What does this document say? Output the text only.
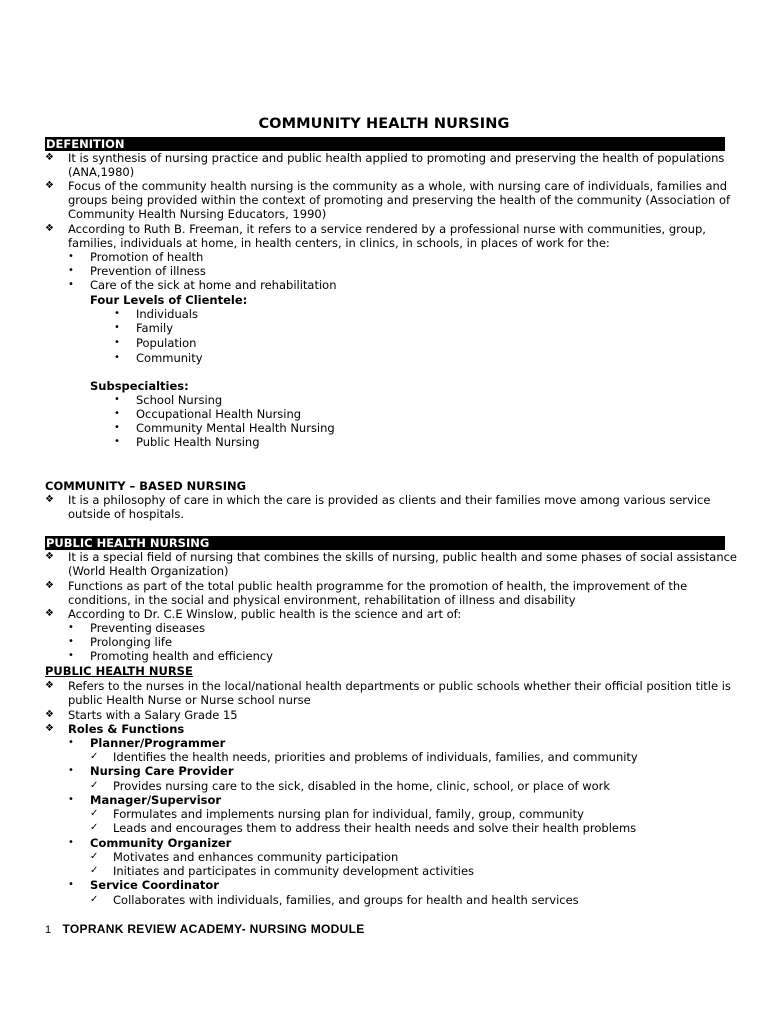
COMMUNITY HEALTH NURSING
DEFENITION
❖ It is synthesis of nursing practice and public health applied to promoting and preserving the health of populations
(ANA,1980)
❖ Focus of the community health nursing is the community as a whole, with nursing care of individuals, families and
groups being provided within the context of promoting and preserving the health of the community (Association of
Community Health Nursing Educators, 1990)
❖ According to Ruth B. Freeman, it refers to a service rendered by a professional nurse with communities, group,
families, individuals at home, in health centers, in clinics, in schools, in places of work for the:
• Promotion of health
• Prevention of illness
• Care of the sick at home and rehabilitation
Four Levels of Clientele:
• Individuals
• Family
• Population
• Community
Subspecialties:
• School Nursing
• Occupational Health Nursing
• Community Mental Health Nursing
• Public Health Nursing
COMMUNITY – BASED NURSING
❖ It is a philosophy of care in which the care is provided as clients and their families move among various service
outside of hospitals.
PUBLIC HEALTH NURSING
❖ It is a special field of nursing that combines the skills of nursing, public health and some phases of social assistance
(World Health Organization)
❖ Functions as part of the total public health programme for the promotion of health, the improvement of the
conditions, in the social and physical environment, rehabilitation of illness and disability
❖ According to Dr. C.E Winslow, public health is the science and art of:
• Preventing diseases
• Prolonging life
• Promoting health and efficiency
PUBLIC HEALTH NURSE
❖ Refers to the nurses in the local/national health departments or public schools whether their official position title is
public Health Nurse or Nurse school nurse
❖ Starts with a Salary Grade 15
❖ Roles & Functions
• Planner/Programmer
✓ Identifies the health needs, priorities and problems of individuals, families, and community
• Nursing Care Provider
✓ Provides nursing care to the sick, disabled in the home, clinic, school, or place of work
• Manager/Supervisor
✓ Formulates and implements nursing plan for individual, family, group, community
✓ Leads and encourages them to address their health needs and solve their health problems
• Community Organizer
✓ Motivates and enhances community participation
✓ Initiates and participates in community development activities
• Service Coordinator
✓ Collaborates with individuals, families, and groups for health and health services
1 TOPRANK REVIEW ACADEMY- NURSING MODULE
